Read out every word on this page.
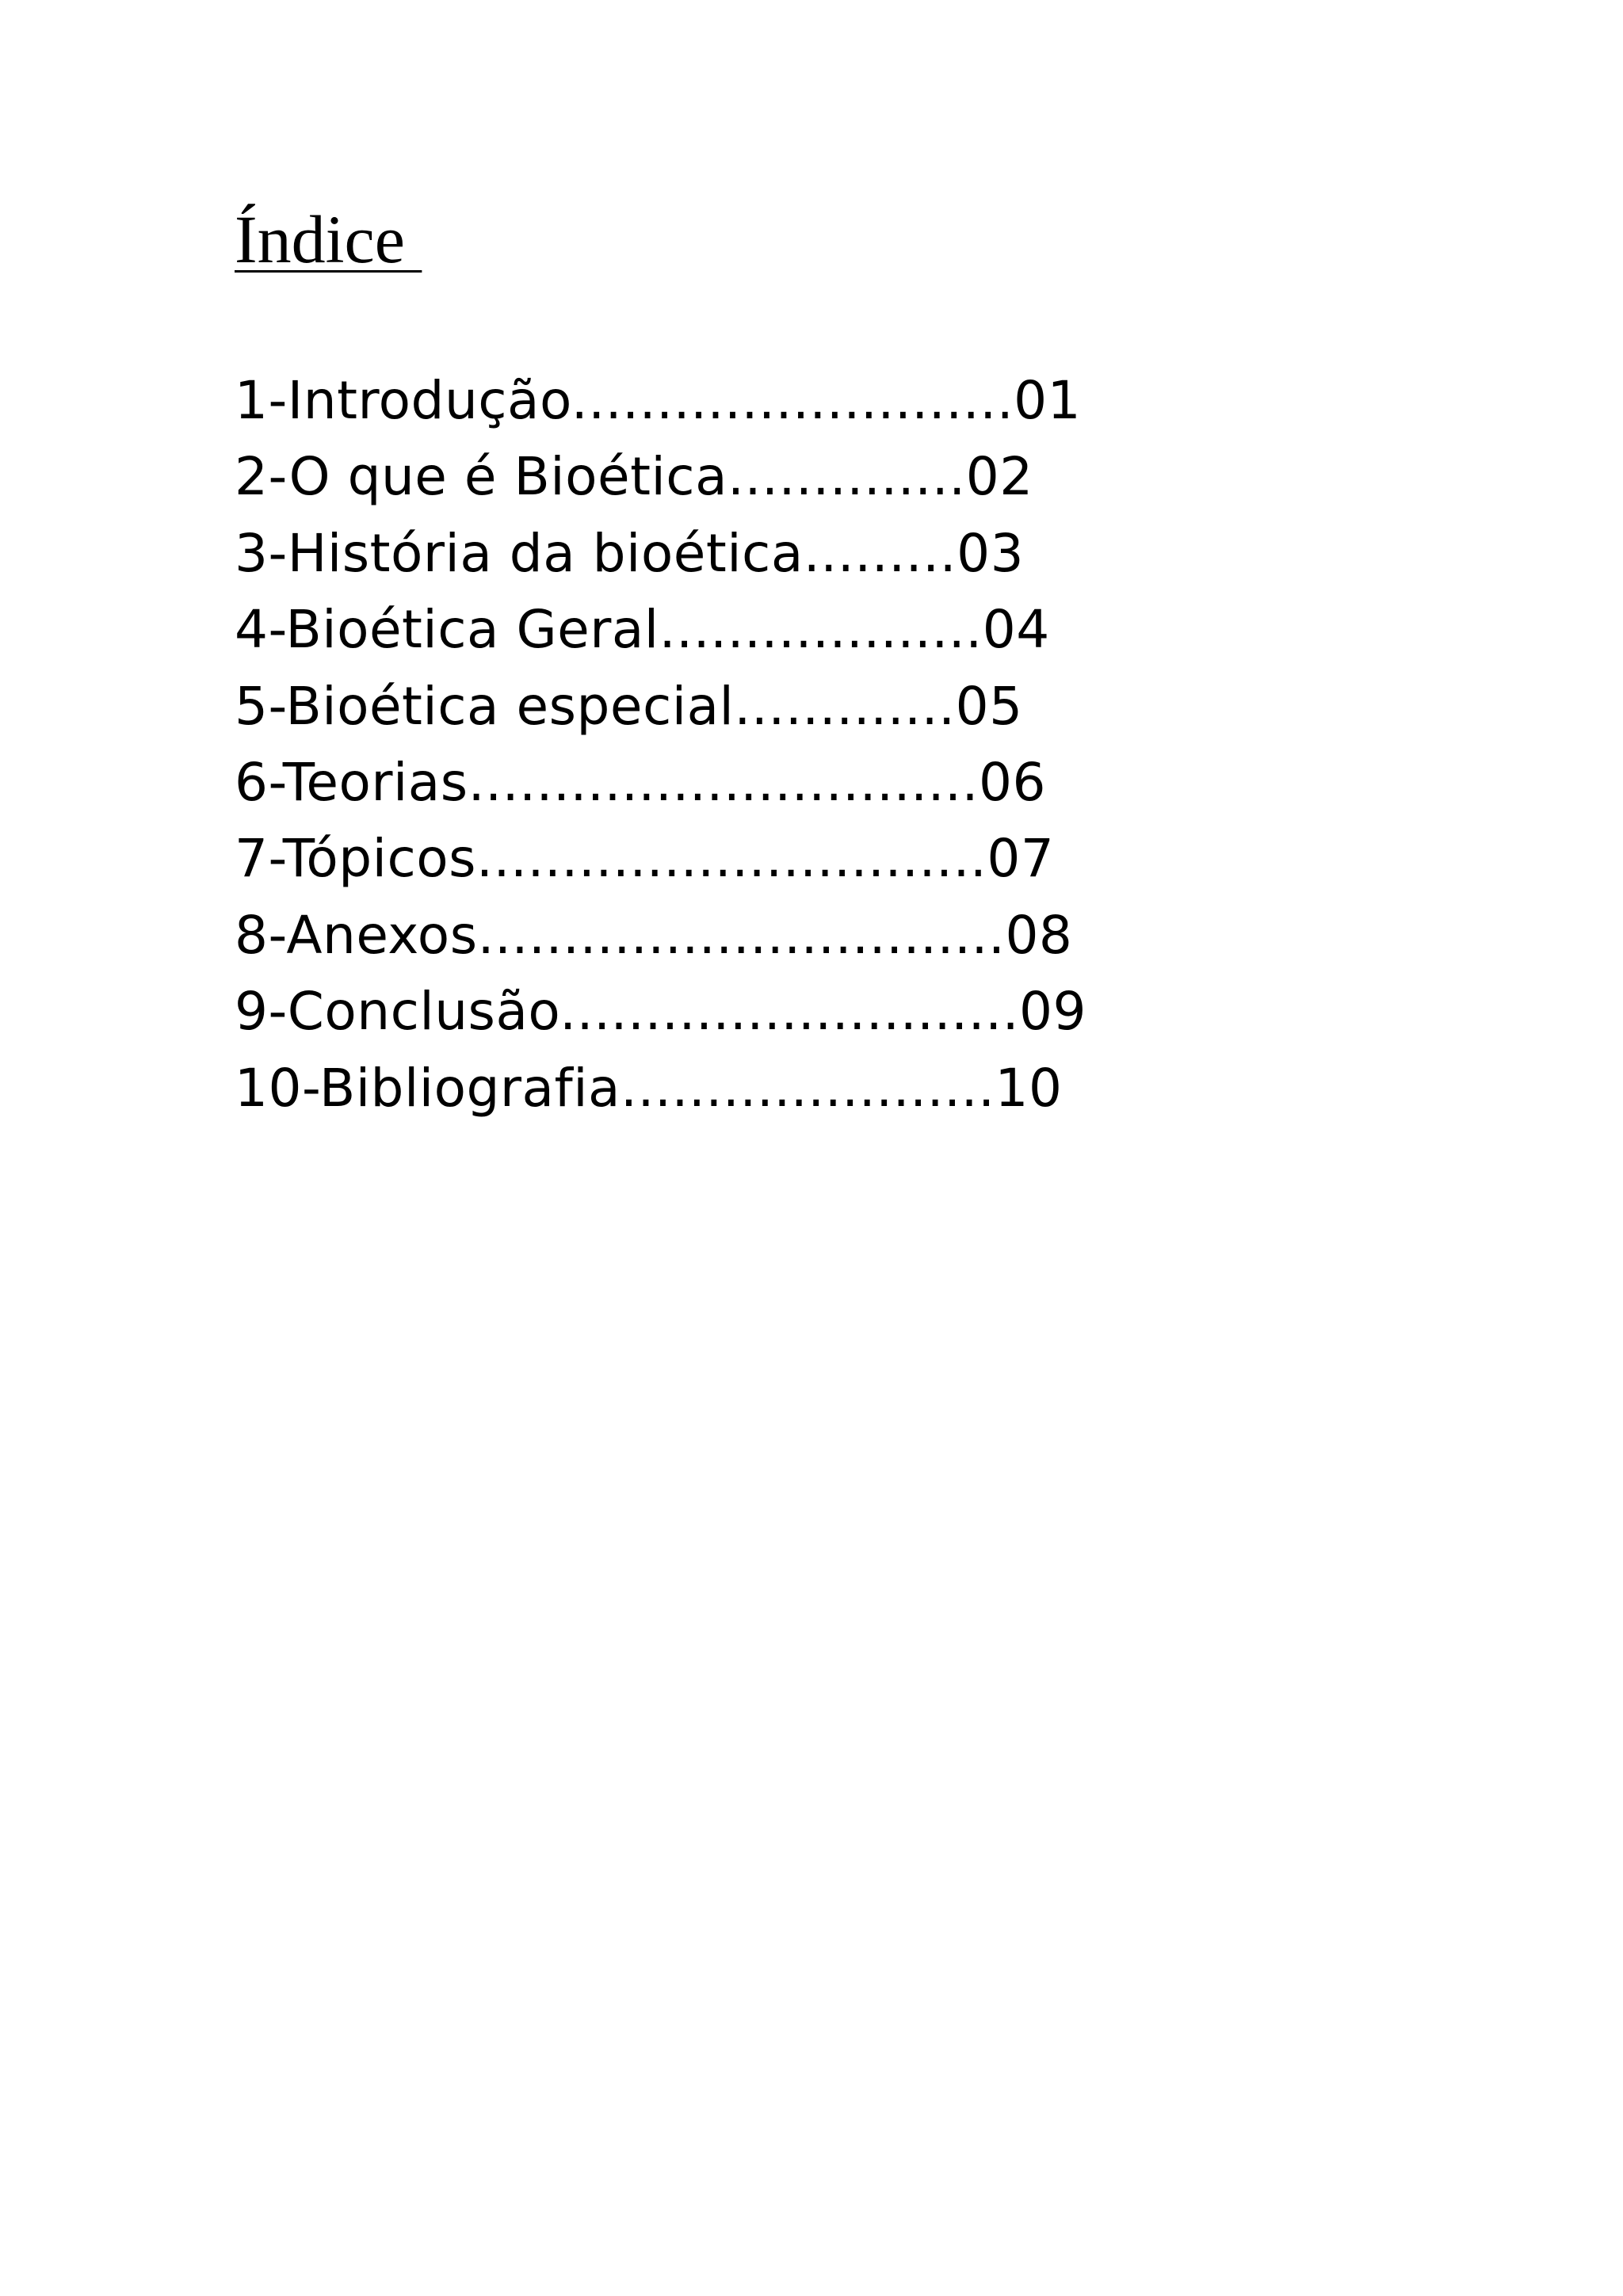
Índice
1-Introdução..........................01
2-O que é Bioética..............02
3-História da bioética.........03
4-Bioética Geral...................04
5-Bioética especial.............05
6-Teorias..............................06
7-Tópicos..............................07
8-Anexos...............................08
9-Conclusão...........................09
10-Bibliografia......................10
